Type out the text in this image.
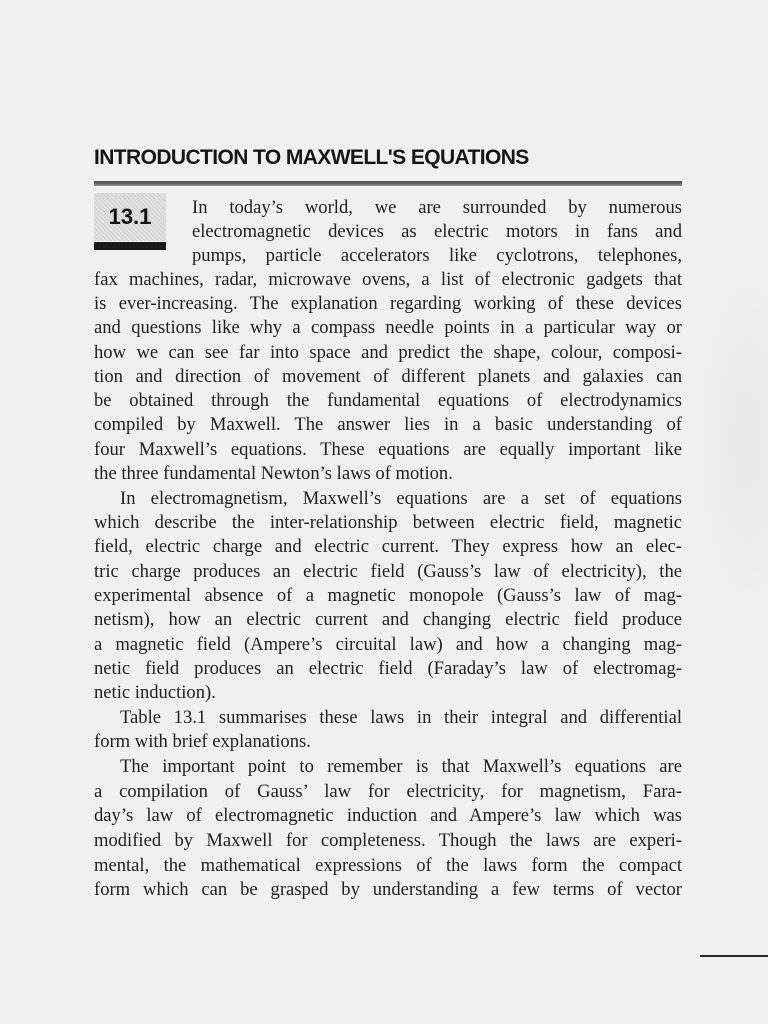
INTRODUCTION TO MAXWELL'S EQUATIONS
13.1	In today’s world, we are surrounded by numerous
electromagnetic devices as electric motors in fans and
pumps, particle accelerators like cyclotrons, telephones,
fax machines, radar, microwave ovens, a list of electronic gadgets that
is ever-increasing. The explanation regarding working of these devices
and questions like why a compass needle points in a particular way or
how we can see far into space and predict the shape, colour, composi-
tion and direction of movement of different planets and galaxies can
be obtained through the fundamental equations of electrodynamics
compiled by Maxwell. The answer lies in a basic understanding of
four Maxwell’s equations. These equations are equally important like
the three fundamental Newton’s laws of motion.
In electromagnetism, Maxwell’s equations are a set of equations
which describe the inter-relationship between electric field, magnetic
field, electric charge and electric current. They express how an elec-
tric charge produces an electric field (Gauss’s law of electricity), the
experimental absence of a magnetic monopole (Gauss’s law of mag-
netism), how an electric current and changing electric field produce
a magnetic field (Ampere’s circuital law) and how a changing mag-
netic field produces an electric field (Faraday’s law of electromag-
netic induction).
Table 13.1 summarises these laws in their integral and differential
form with brief explanations.
The important point to remember is that Maxwell’s equations are
a compilation of Gauss’ law for electricity, for magnetism, Fara-
day’s law of electromagnetic induction and Ampere’s law which was
modified by Maxwell for completeness. Though the laws are experi-
mental, the mathematical expressions of the laws form the compact
form which can be grasped by understanding a few terms of vector
